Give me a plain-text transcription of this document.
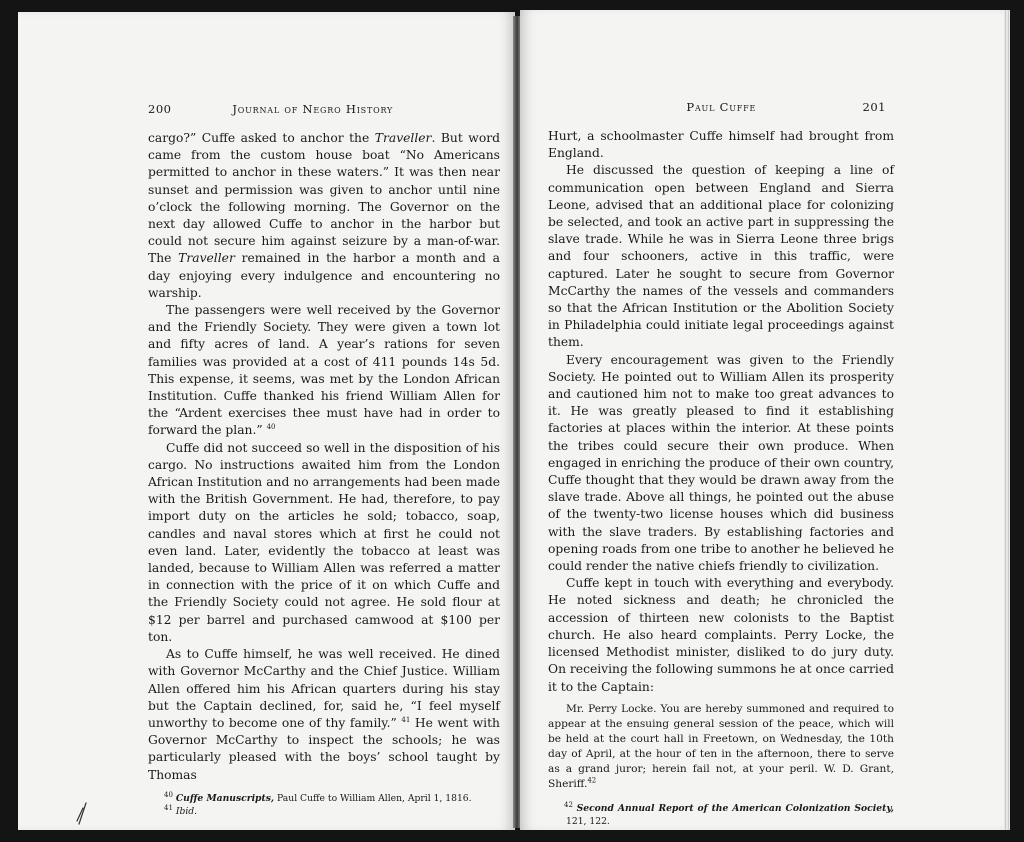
200	Journal of Negro History

cargo?” Cuffe asked to anchor the Traveller. But word came from the custom house boat “No Americans permitted to anchor in these waters.” It was then near sunset and permission was given to anchor until nine o’clock the following morning. The Governor on the next day allowed Cuffe to anchor in the harbor but could not secure him against seizure by a man-of-war. The Traveller remained in the harbor a month and a day enjoying every indulgence and encountering no warship.

The passengers were well received by the Governor and the Friendly Society. They were given a town lot and fifty acres of land. A year’s rations for seven families was provided at a cost of 411 pounds 14s 5d. This expense, it seems, was met by the London African Institution. Cuffe thanked his friend William Allen for the “Ardent exercises thee must have had in order to forward the plan.” $^{40}$

Cuffe did not succeed so well in the disposition of his cargo. No instructions awaited him from the London African Institution and no arrangements had been made with the British Government. He had, therefore, to pay import duty on the articles he sold; tobacco, soap, candles and naval stores which at first he could not even land. Later, evidently the tobacco at least was landed, because to William Allen was referred a matter in connection with the price of it on which Cuffe and the Friendly Society could not agree. He sold flour at $12 per barrel and purchased camwood at $100 per ton.

As to Cuffe himself, he was well received. He dined with Governor McCarthy and the Chief Justice. William Allen offered him his African quarters during his stay but the Captain declined, for, said he, “I feel myself unworthy to become one of thy family.” $^{41}$ He went with Governor McCarthy to inspect the schools; he was particularly pleased with the boys’ school taught by Thomas

$^{40}$ Cuffe Manuscripts, Paul Cuffe to William Allen, April 1, 1816.

$^{41}$ Ibid.

Paul Cuffe	201

Hurt, a schoolmaster Cuffe himself had brought from England.

He discussed the question of keeping a line of communication open between England and Sierra Leone, advised that an additional place for colonizing be selected, and took an active part in suppressing the slave trade. While he was in Sierra Leone three brigs and four schooners, active in this traffic, were captured. Later he sought to secure from Governor McCarthy the names of the vessels and commanders so that the African Institution or the Abolition Society in Philadelphia could initiate legal proceedings against them.

Every encouragement was given to the Friendly Society. He pointed out to William Allen its prosperity and cautioned him not to make too great advances to it. He was greatly pleased to find it establishing factories at places within the interior. At these points the tribes could secure their own produce. When engaged in enriching the produce of their own country, Cuffe thought that they would be drawn away from the slave trade. Above all things, he pointed out the abuse of the twenty-two license houses which did business with the slave traders. By establishing factories and opening roads from one tribe to another he believed he could render the native chiefs friendly to civilization.

Cuffe kept in touch with everything and everybody. He noted sickness and death; he chronicled the accession of thirteen new colonists to the Baptist church. He also heard complaints. Perry Locke, the licensed Methodist minister, disliked to do jury duty. On receiving the following summons he at once carried it to the Captain:

Mr. Perry Locke. You are hereby summoned and required to appear at the ensuing general session of the peace, which will be held at the court hall in Freetown, on Wednesday, the 10th day of April, at the hour of ten in the afternoon, there to serve as a grand juror; herein fail not, at your peril. W. D. Grant, Sheriff.$^{42}$

$^{42}$ Second Annual Report of the American Colonization Society, 121, 122.
